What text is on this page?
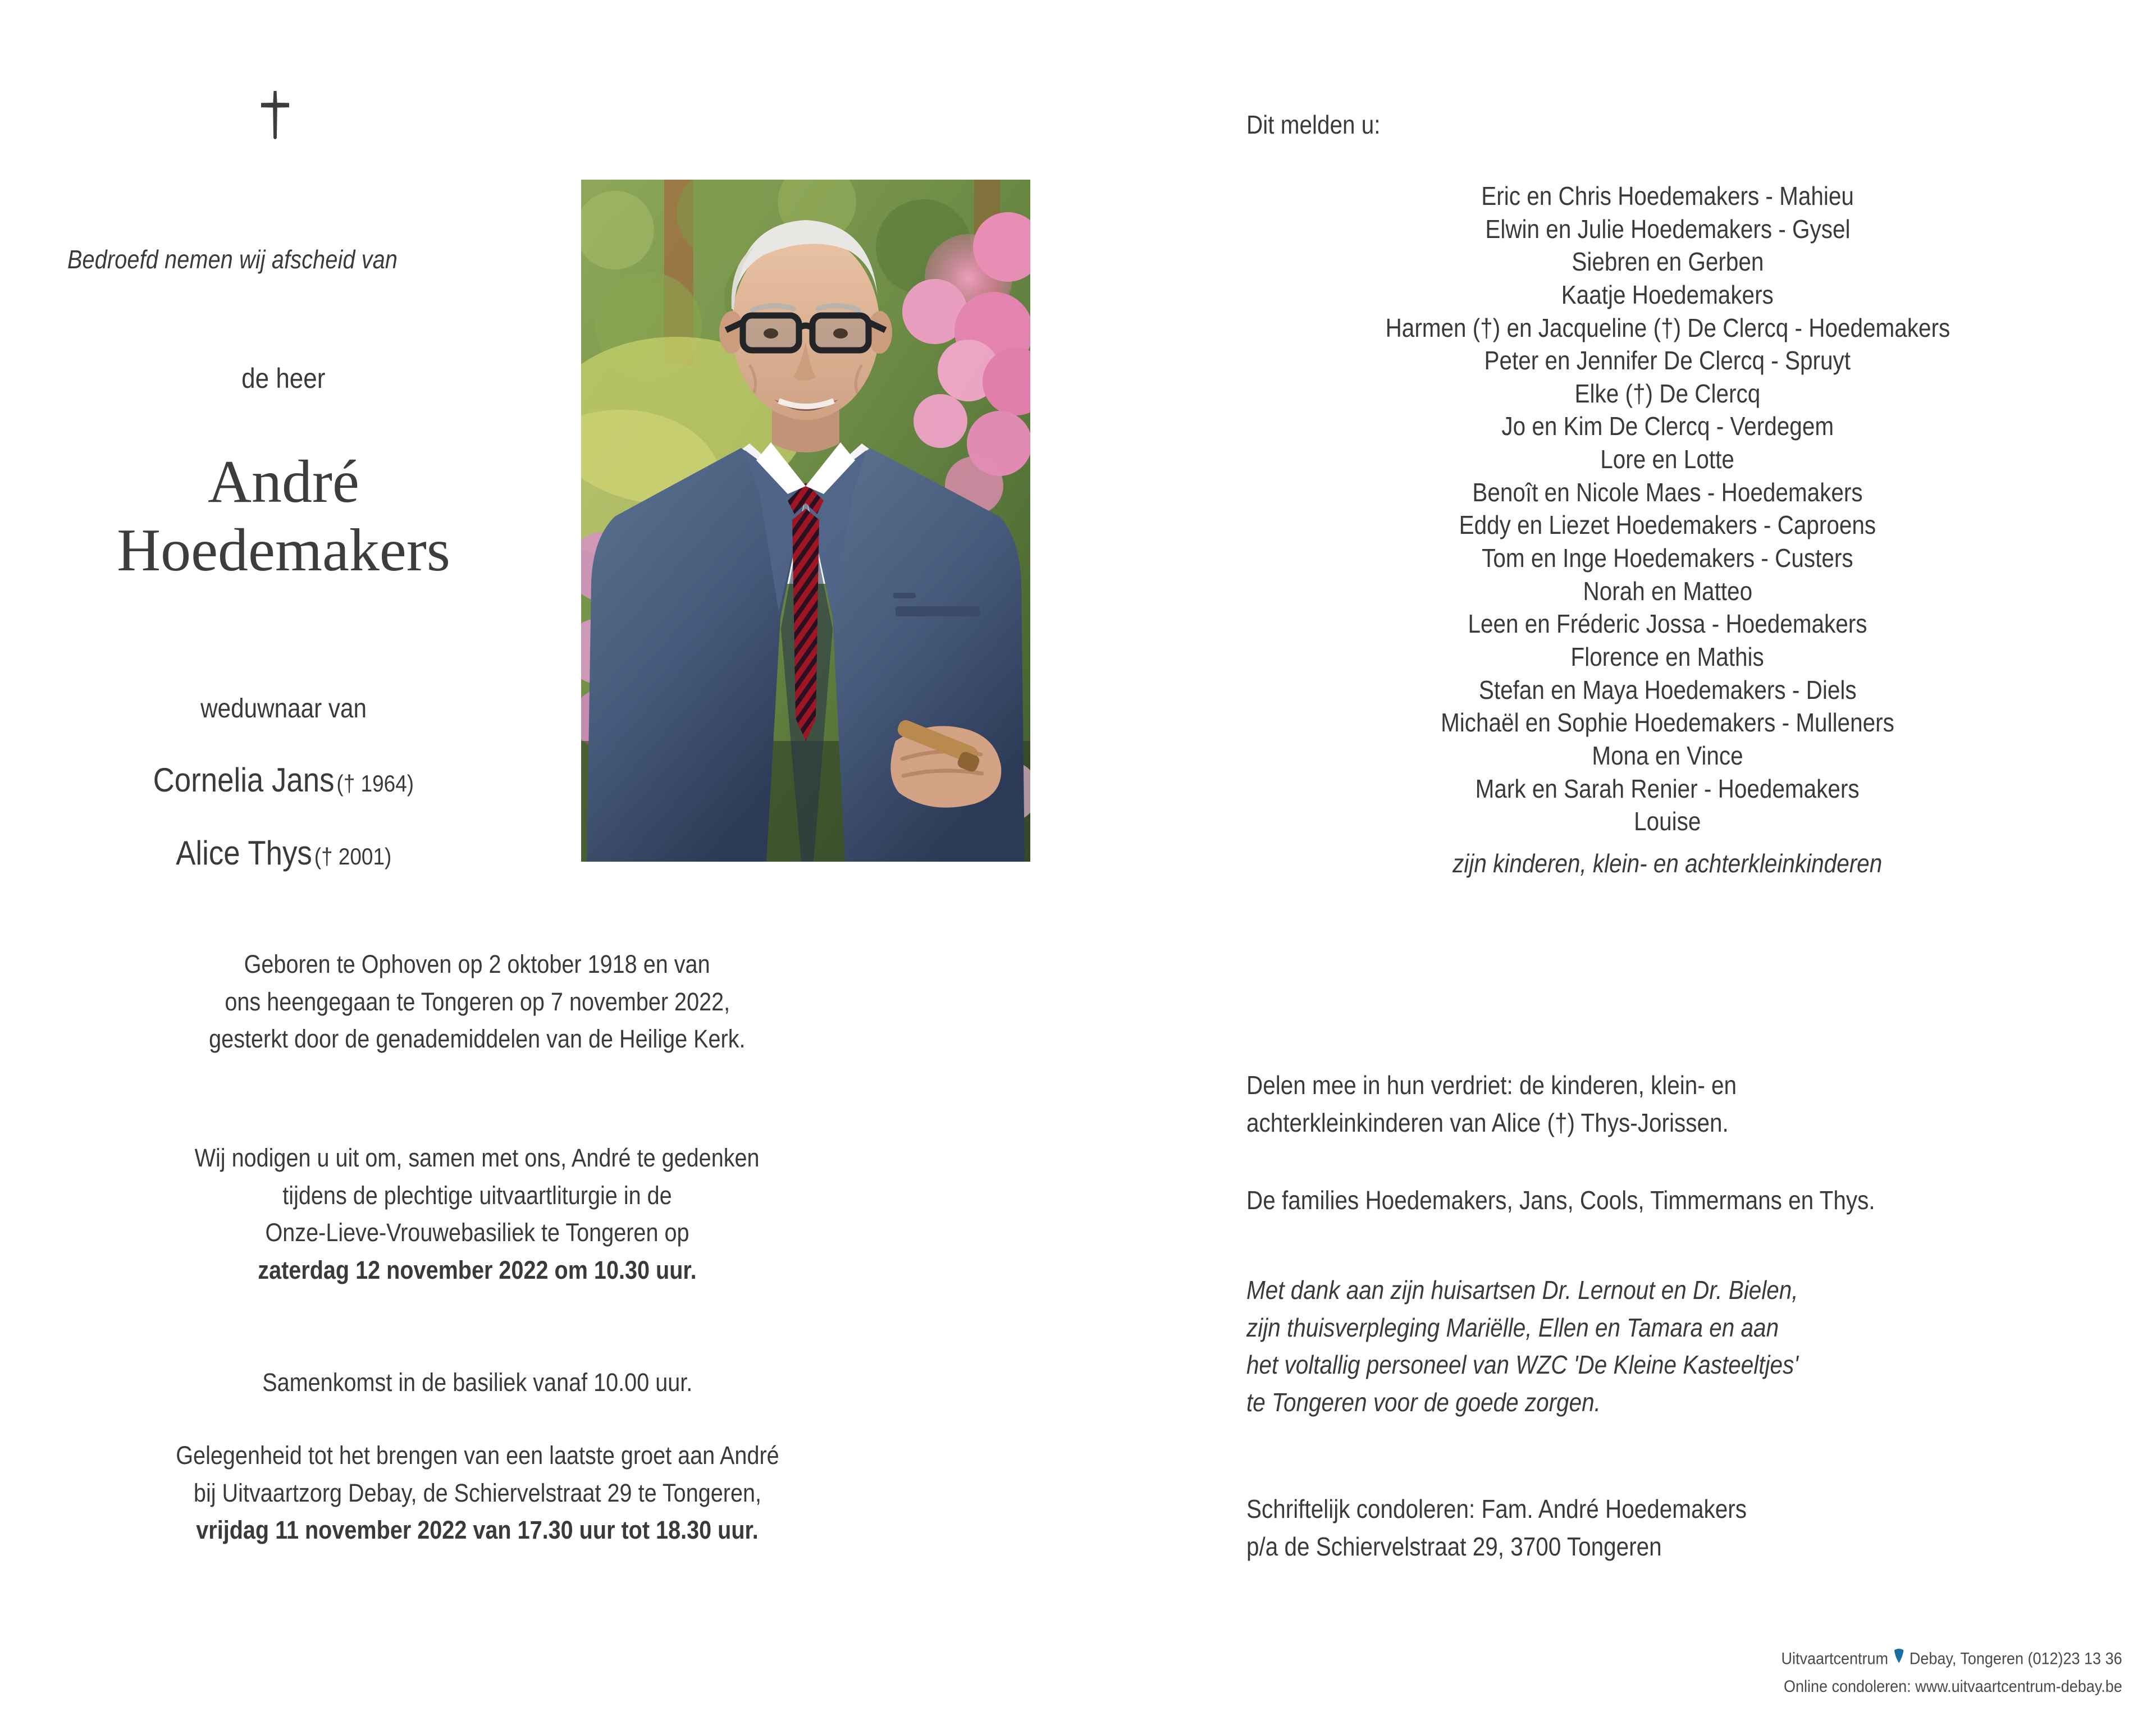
Bedroefd nemen wij afscheid van
de heer
André
Hoedemakers
weduwnaar van
Cornelia Jans († 1964)
Alice Thys († 2001)
Geboren te Ophoven op 2 oktober 1918 en van
ons heengegaan te Tongeren op 7 november 2022,
gesterkt door de genademiddelen van de Heilige Kerk.
Wij nodigen u uit om, samen met ons, André te gedenken
tijdens de plechtige uitvaartliturgie in de
Onze-Lieve-Vrouwebasiliek te Tongeren op
zaterdag 12 november 2022 om 10.30 uur.
Samenkomst in de basiliek vanaf 10.00 uur.
Gelegenheid tot het brengen van een laatste groet aan André
bij Uitvaartzorg Debay, de Schiervelstraat 29 te Tongeren,
vrijdag 11 november 2022 van 17.30 uur tot 18.30 uur.
Dit melden u:
Eric en Chris Hoedemakers - Mahieu
Elwin en Julie Hoedemakers - Gysel
Siebren en Gerben
Kaatje Hoedemakers
Harmen (†) en Jacqueline (†) De Clercq - Hoedemakers
Peter en Jennifer De Clercq - Spruyt
Elke (†) De Clercq
Jo en Kim De Clercq - Verdegem
Lore en Lotte
Benoît en Nicole Maes - Hoedemakers
Eddy en Liezet Hoedemakers - Caproens
Tom en Inge Hoedemakers - Custers
Norah en Matteo
Leen en Fréderic Jossa - Hoedemakers
Florence en Mathis
Stefan en Maya Hoedemakers - Diels
Michaël en Sophie Hoedemakers - Mulleners
Mona en Vince
Mark en Sarah Renier - Hoedemakers
Louise
zijn kinderen, klein- en achterkleinkinderen
Delen mee in hun verdriet: de kinderen, klein- en
achterkleinkinderen van Alice (†) Thys-Jorissen.
De families Hoedemakers, Jans, Cools, Timmermans en Thys.
Met dank aan zijn huisartsen Dr. Lernout en Dr. Bielen,
zijn thuisverpleging Mariëlle, Ellen en Tamara en aan
het voltallig personeel van WZC 'De Kleine Kasteeltjes'
te Tongeren voor de goede zorgen.
Schriftelijk condoleren: Fam. André Hoedemakers
p/a de Schiervelstraat 29, 3700 Tongeren
Uitvaartcentrum Debay, Tongeren (012)23 13 36
Online condoleren: www.uitvaartcentrum-debay.be
